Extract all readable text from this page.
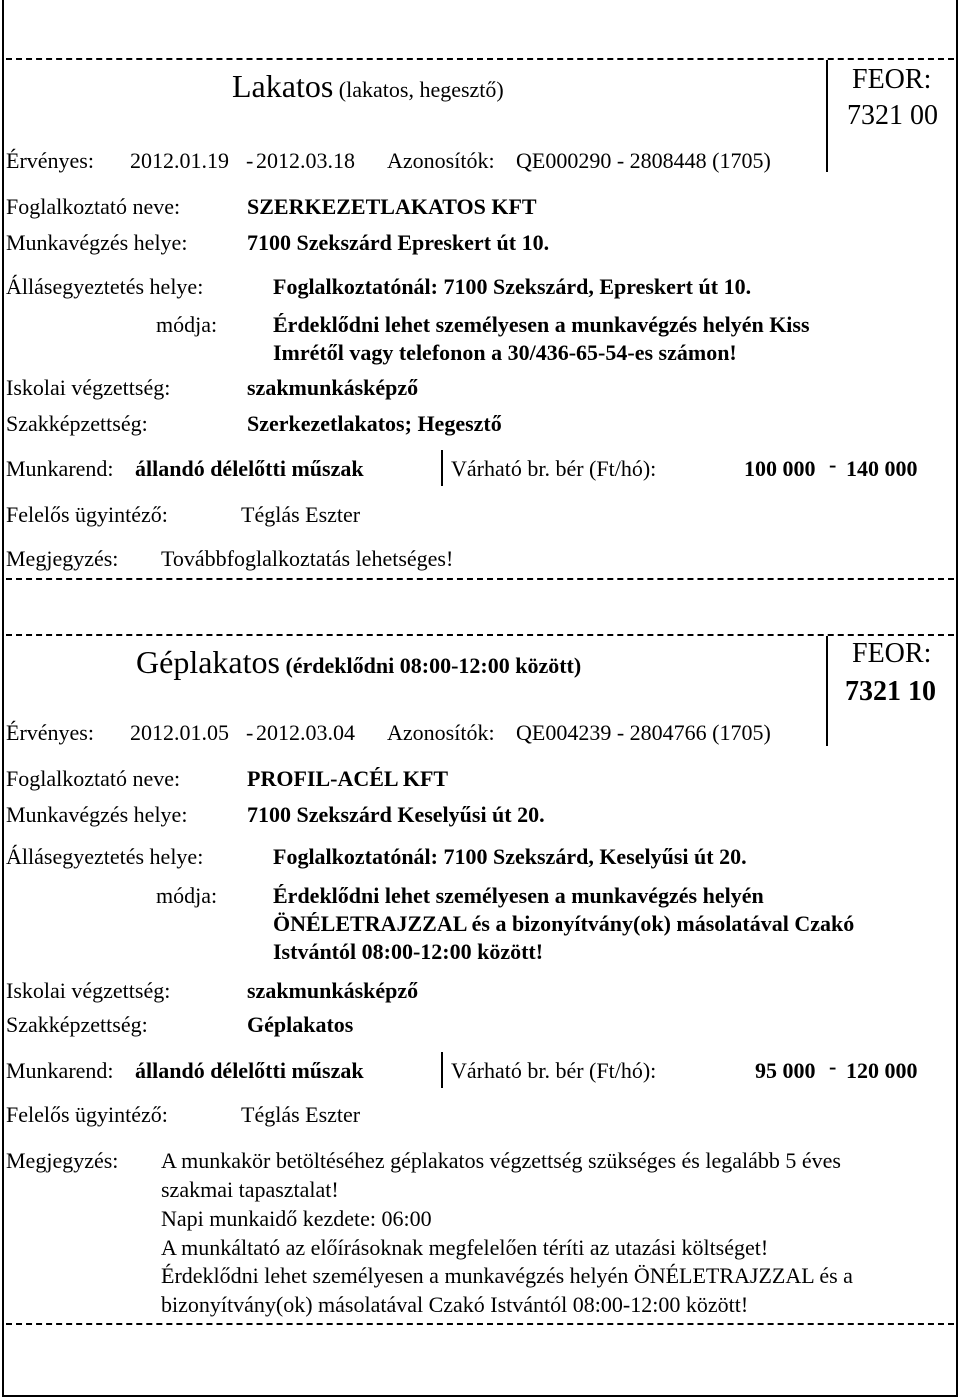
Lakatos (lakatos, hegesztő)	FEOR:
7321 00
Érvényes: 2012.01.19 - 2012.03.18 Azonosítók: QE000290 - 2808448 (1705)
Foglalkoztató neve:	SZERKEZETLAKATOS KFT
Munkavégzés helye:	7100 Szekszárd Epreskert út 10.
Állásegyeztetés helye:	Foglalkoztatónál: 7100 Szekszárd, Epreskert út 10.
módja:	Érdeklődni lehet személyesen a munkavégzés helyén Kiss
Imrétől vagy telefonon a 30/436-65-54-es számon!
Iskolai végzettség:	szakmunkásképző
Szakképzettség:	Szerkezetlakatos; Hegesztő
Munkarend: állandó délelőtti műszak	Várható br. bér (Ft/hó):	100 000 - 140 000
Felelős ügyintéző:	Téglás Eszter
Megjegyzés: Továbbfoglalkoztatás lehetséges!
Géplakatos (érdeklődni 08:00-12:00 között)	FEOR:
7321 10
Érvényes: 2012.01.05 - 2012.03.04 Azonosítók: QE004239 - 2804766 (1705)
Foglalkoztató neve:	PROFIL-ACÉL KFT
Munkavégzés helye:	7100 Szekszárd Keselyűsi út 20.
Állásegyeztetés helye:	Foglalkoztatónál: 7100 Szekszárd, Keselyűsi út 20.
módja:	Érdeklődni lehet személyesen a munkavégzés helyén
ÖNÉLETRAJZZAL és a bizonyítvány(ok) másolatával Czakó
Istvántól 08:00-12:00 között!
Iskolai végzettség:	szakmunkásképző
Szakképzettség:	Géplakatos
Munkarend: állandó délelőtti műszak	Várható br. bér (Ft/hó):	95 000 - 120 000
Felelős ügyintéző:	Téglás Eszter
Megjegyzés: A munkakör betöltéséhez géplakatos végzettség szükséges és legalább 5 éves
szakmai tapasztalat!
Napi munkaidő kezdete: 06:00
A munkáltató az előírásoknak megfelelően téríti az utazási költséget!
Érdeklődni lehet személyesen a munkavégzés helyén ÖNÉLETRAJZZAL és a
bizonyítvány(ok) másolatával Czakó Istvántól 08:00-12:00 között!
